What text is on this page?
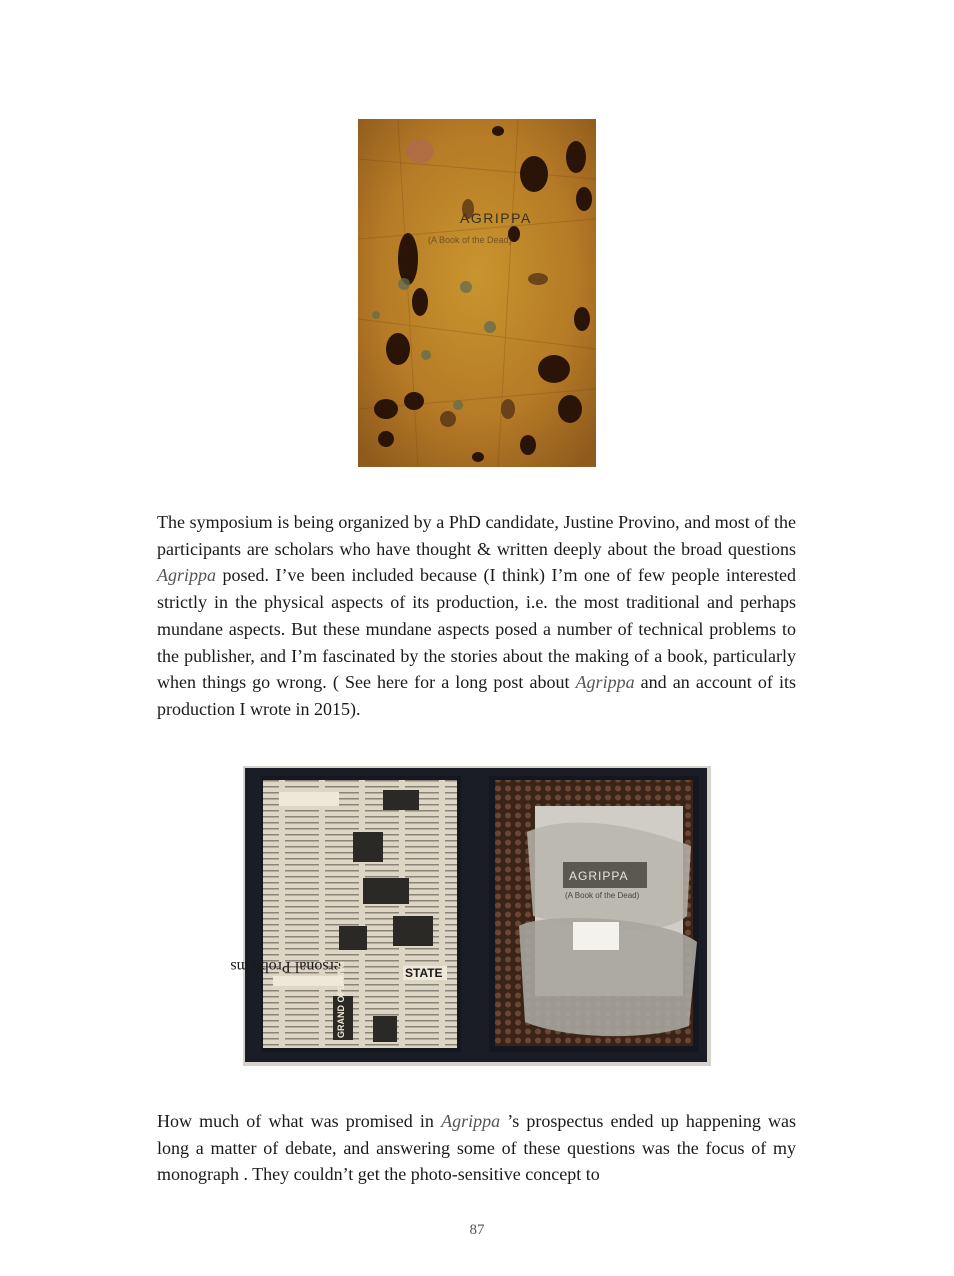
AGRIPPA
(A Book of the Dead)
The symposium is being organized by a PhD candidate, Justine Provino, and most of the participants are scholars who have thought & written deeply about the broad questions Agrippa posed. I’ve been included because (I think) I’m one of few people interested strictly in the physical aspects of its production, i.e. the most traditional and perhaps mundane aspects. But these mundane aspects posed a number of technical problems to the publisher, and I’m fascinated by the stories about the making of a book, particularly when things go wrong. ( See here for a long post about Agrippa and an account of its production I wrote in 2015).
ersonal Problems	STATE
GRAND OPENING
AGRIPPA
(A Book of the Dead)
How much of what was promised in Agrippa ’s prospectus ended up happening was long a matter of debate, and answering some of these questions was the focus of my monograph . They couldn’t get the photo-sensitive concept to
87
